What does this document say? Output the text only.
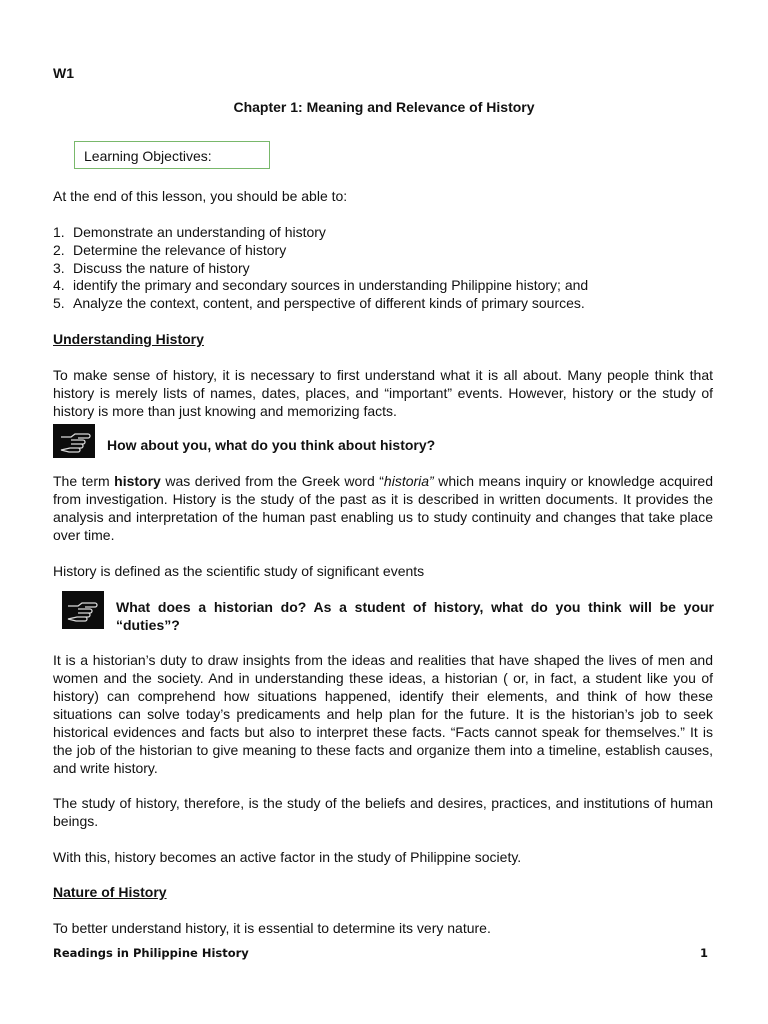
W1
Chapter 1: Meaning and Relevance of History
Learning Objectives:
At the end of this lesson, you should be able to:
1. Demonstrate an understanding of history
2. Determine the relevance of history
3. Discuss the nature of history
4. identify the primary and secondary sources in understanding Philippine history; and
5. Analyze the context, content, and perspective of different kinds of primary sources.
Understanding History
To make sense of history, it is necessary to first understand what it is all about. Many people think that history is merely lists of names, dates, places, and “important” events. However, history or the study of history is more than just knowing and memorizing facts.
How about you, what do you think about history?
The term history was derived from the Greek word “historia” which means inquiry or knowledge acquired from investigation. History is the study of the past as it is described in written documents. It provides the analysis and interpretation of the human past enabling us to study continuity and changes that take place over time.
History is defined as the scientific study of significant events
What does a historian do? As a student of history, what do you think will be your “duties”?
It is a historian’s duty to draw insights from the ideas and realities that have shaped the lives of men and women and the society. And in understanding these ideas, a historian ( or, in fact, a student like you of history) can comprehend how situations happened, identify their elements, and think of how these situations can solve today’s predicaments and help plan for the future. It is the historian’s job to seek historical evidences and facts but also to interpret these facts. “Facts cannot speak for themselves.” It is the job of the historian to give meaning to these facts and organize them into a timeline, establish causes, and write history.
The study of history, therefore, is the study of the beliefs and desires, practices, and institutions of human beings.
With this, history becomes an active factor in the study of Philippine society.
Nature of History
To better understand history, it is essential to determine its very nature.
Readings in Philippine History	1
